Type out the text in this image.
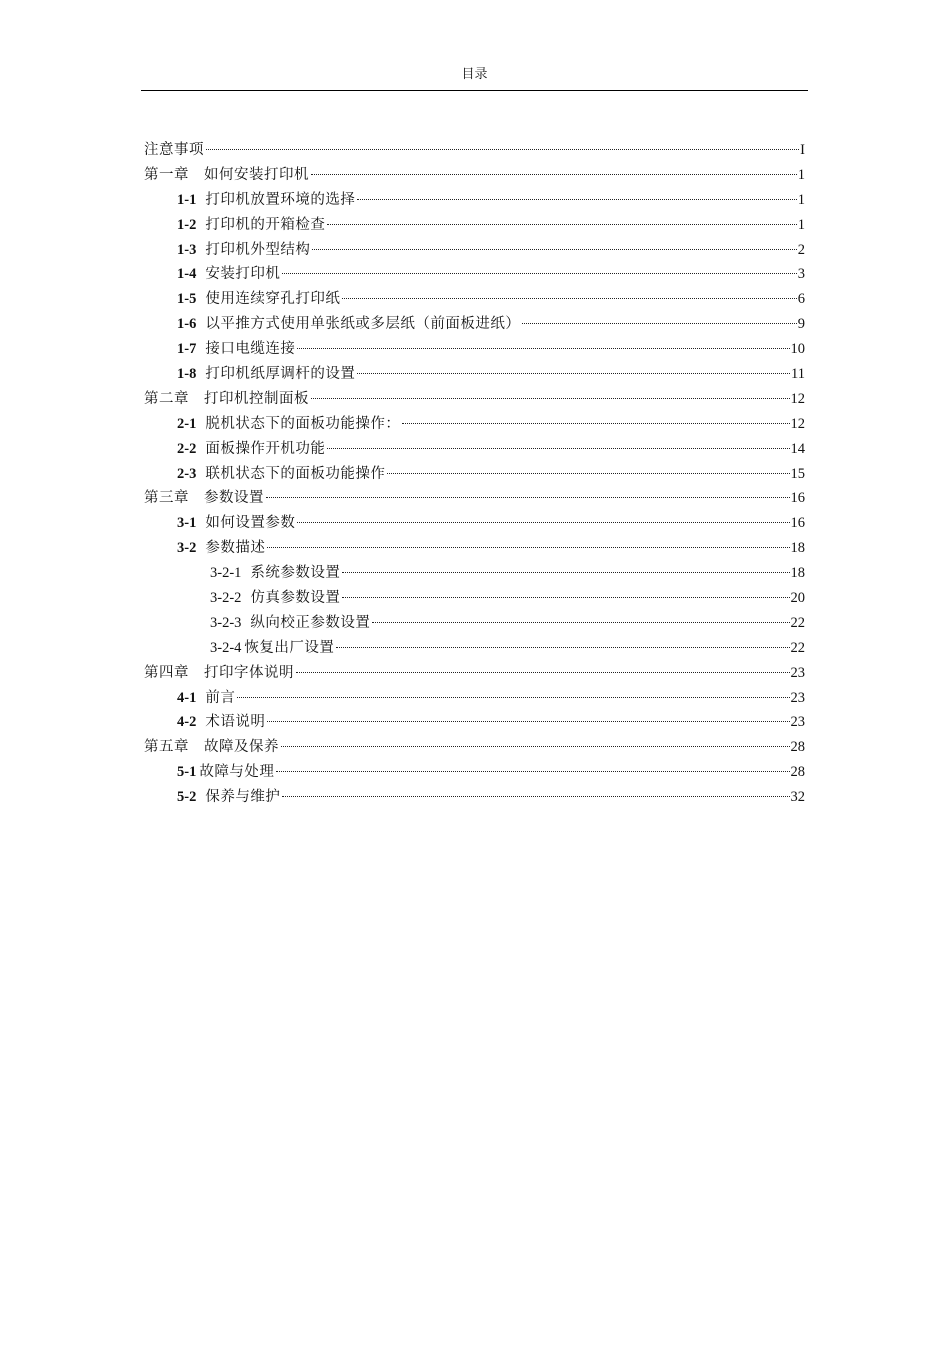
目录
注意事项	I
第一章　如何安装打印机	1
1-1 打印机放置环境的选择	1
1-2 打印机的开箱检查	1
1-3 打印机外型结构	2
1-4 安装打印机	3
1-5 使用连续穿孔打印纸	6
1-6 以平推方式使用单张纸或多层纸（前面板进纸）	9
1-7 接口电缆连接	10
1-8 打印机纸厚调杆的设置	11
第二章　打印机控制面板	12
2-1 脱机状态下的面板功能操作：	12
2-2 面板操作开机功能	14
2-3 联机状态下的面板功能操作	15
第三章　参数设置	16
3-1 如何设置参数	16
3-2 参数描述	18
3-2-1 系统参数设置	18
3-2-2 仿真参数设置	20
3-2-3 纵向校正参数设置	22
3-2-4 恢复出厂设置	22
第四章　打印字体说明	23
4-1 前言	23
4-2 术语说明	23
第五章　故障及保养	28
5-1 故障与处理	28
5-2 保养与维护	32
